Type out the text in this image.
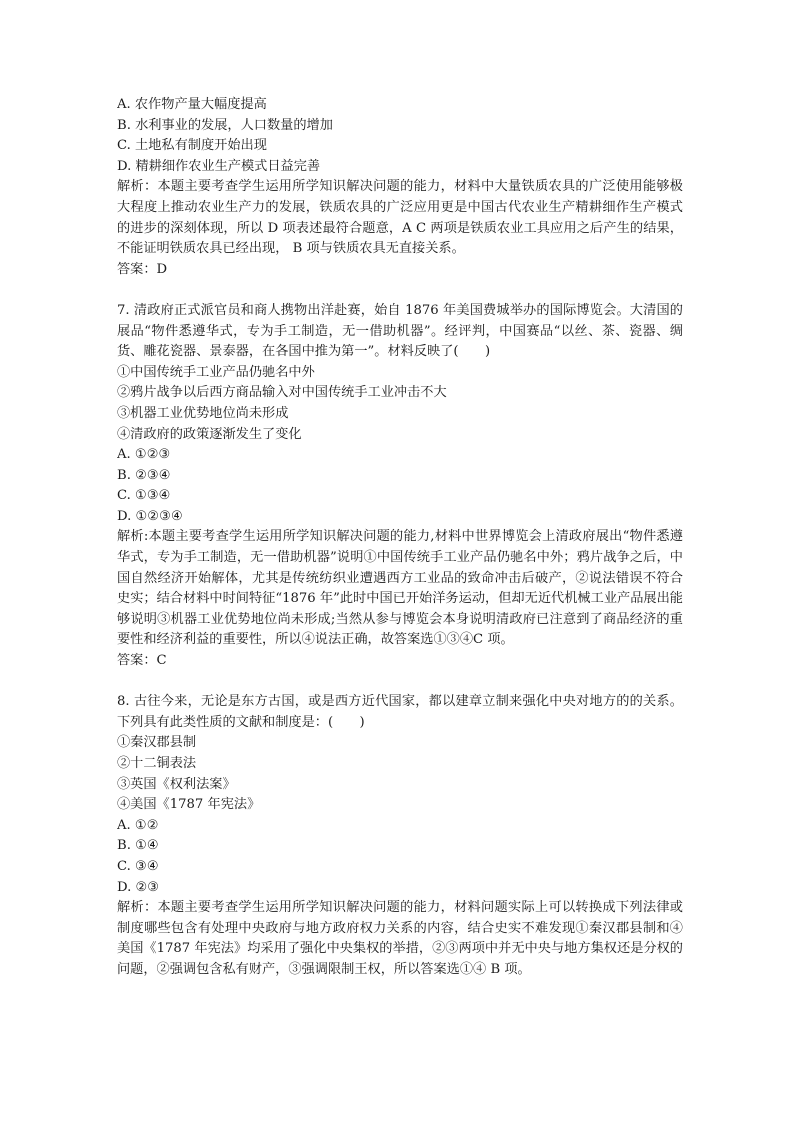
A. 农作物产量大幅度提高
B. 水利事业的发展，人口数量的增加
C. 土地私有制度开始出现
D. 精耕细作农业生产模式日益完善
解析：本题主要考查学生运用所学知识解决问题的能力，材料中大量铁质农具的广泛使用能够极大程度上推动农业生产力的发展，铁质农具的广泛应用更是中国古代农业生产精耕细作生产模式的进步的深刻体现，所以 D 项表述最符合题意，A C 两项是铁质农业工具应用之后产生的结果，不能证明铁质农具已经出现， B 项与铁质农具无直接关系。
答案：D
7. 清政府正式派官员和商人携物出洋赴赛，始自 1876 年美国费城举办的国际博览会。大清国的展品“物件悉遵华式，专为手工制造，无一借助机器”。经评判，中国赛品“以丝、茶、瓷器、绸货、雕花瓷器、景泰器，在各国中推为第一”。材料反映了(　　)
①中国传统手工业产品仍驰名中外
②鸦片战争以后西方商品输入对中国传统手工业冲击不大
③机器工业优势地位尚未形成
④清政府的政策逐渐发生了变化
A. ①②③
B. ②③④
C. ①③④
D. ①②③④
解析:本题主要考查学生运用所学知识解决问题的能力,材料中世界博览会上清政府展出“物件悉遵华式，专为手工制造，无一借助机器”说明①中国传统手工业产品仍驰名中外；鸦片战争之后，中国自然经济开始解体，尤其是传统纺织业遭遇西方工业品的致命冲击后破产，②说法错误不符合史实；结合材料中时间特征“1876 年”此时中国已开始洋务运动，但却无近代机械工业产品展出能够说明③机器工业优势地位尚未形成;当然从参与博览会本身说明清政府已注意到了商品经济的重要性和经济利益的重要性，所以④说法正确，故答案选①③④C 项。
答案：C
8. 古往今来，无论是东方古国，或是西方近代国家，都以建章立制来强化中央对地方的的关系。下列具有此类性质的文献和制度是：(　　)
①秦汉郡县制
②十二铜表法
③英国《权利法案》
④美国《1787 年宪法》
A. ①②
B. ①④
C. ③④
D. ②③
解析：本题主要考查学生运用所学知识解决问题的能力，材料问题实际上可以转换成下列法律或制度哪些包含有处理中央政府与地方政府权力关系的内容，结合史实不难发现①秦汉郡县制和④美国《1787 年宪法》均采用了强化中央集权的举措，②③两项中并无中央与地方集权还是分权的问题，②强调包含私有财产，③强调限制王权，所以答案选①④ B 项。
